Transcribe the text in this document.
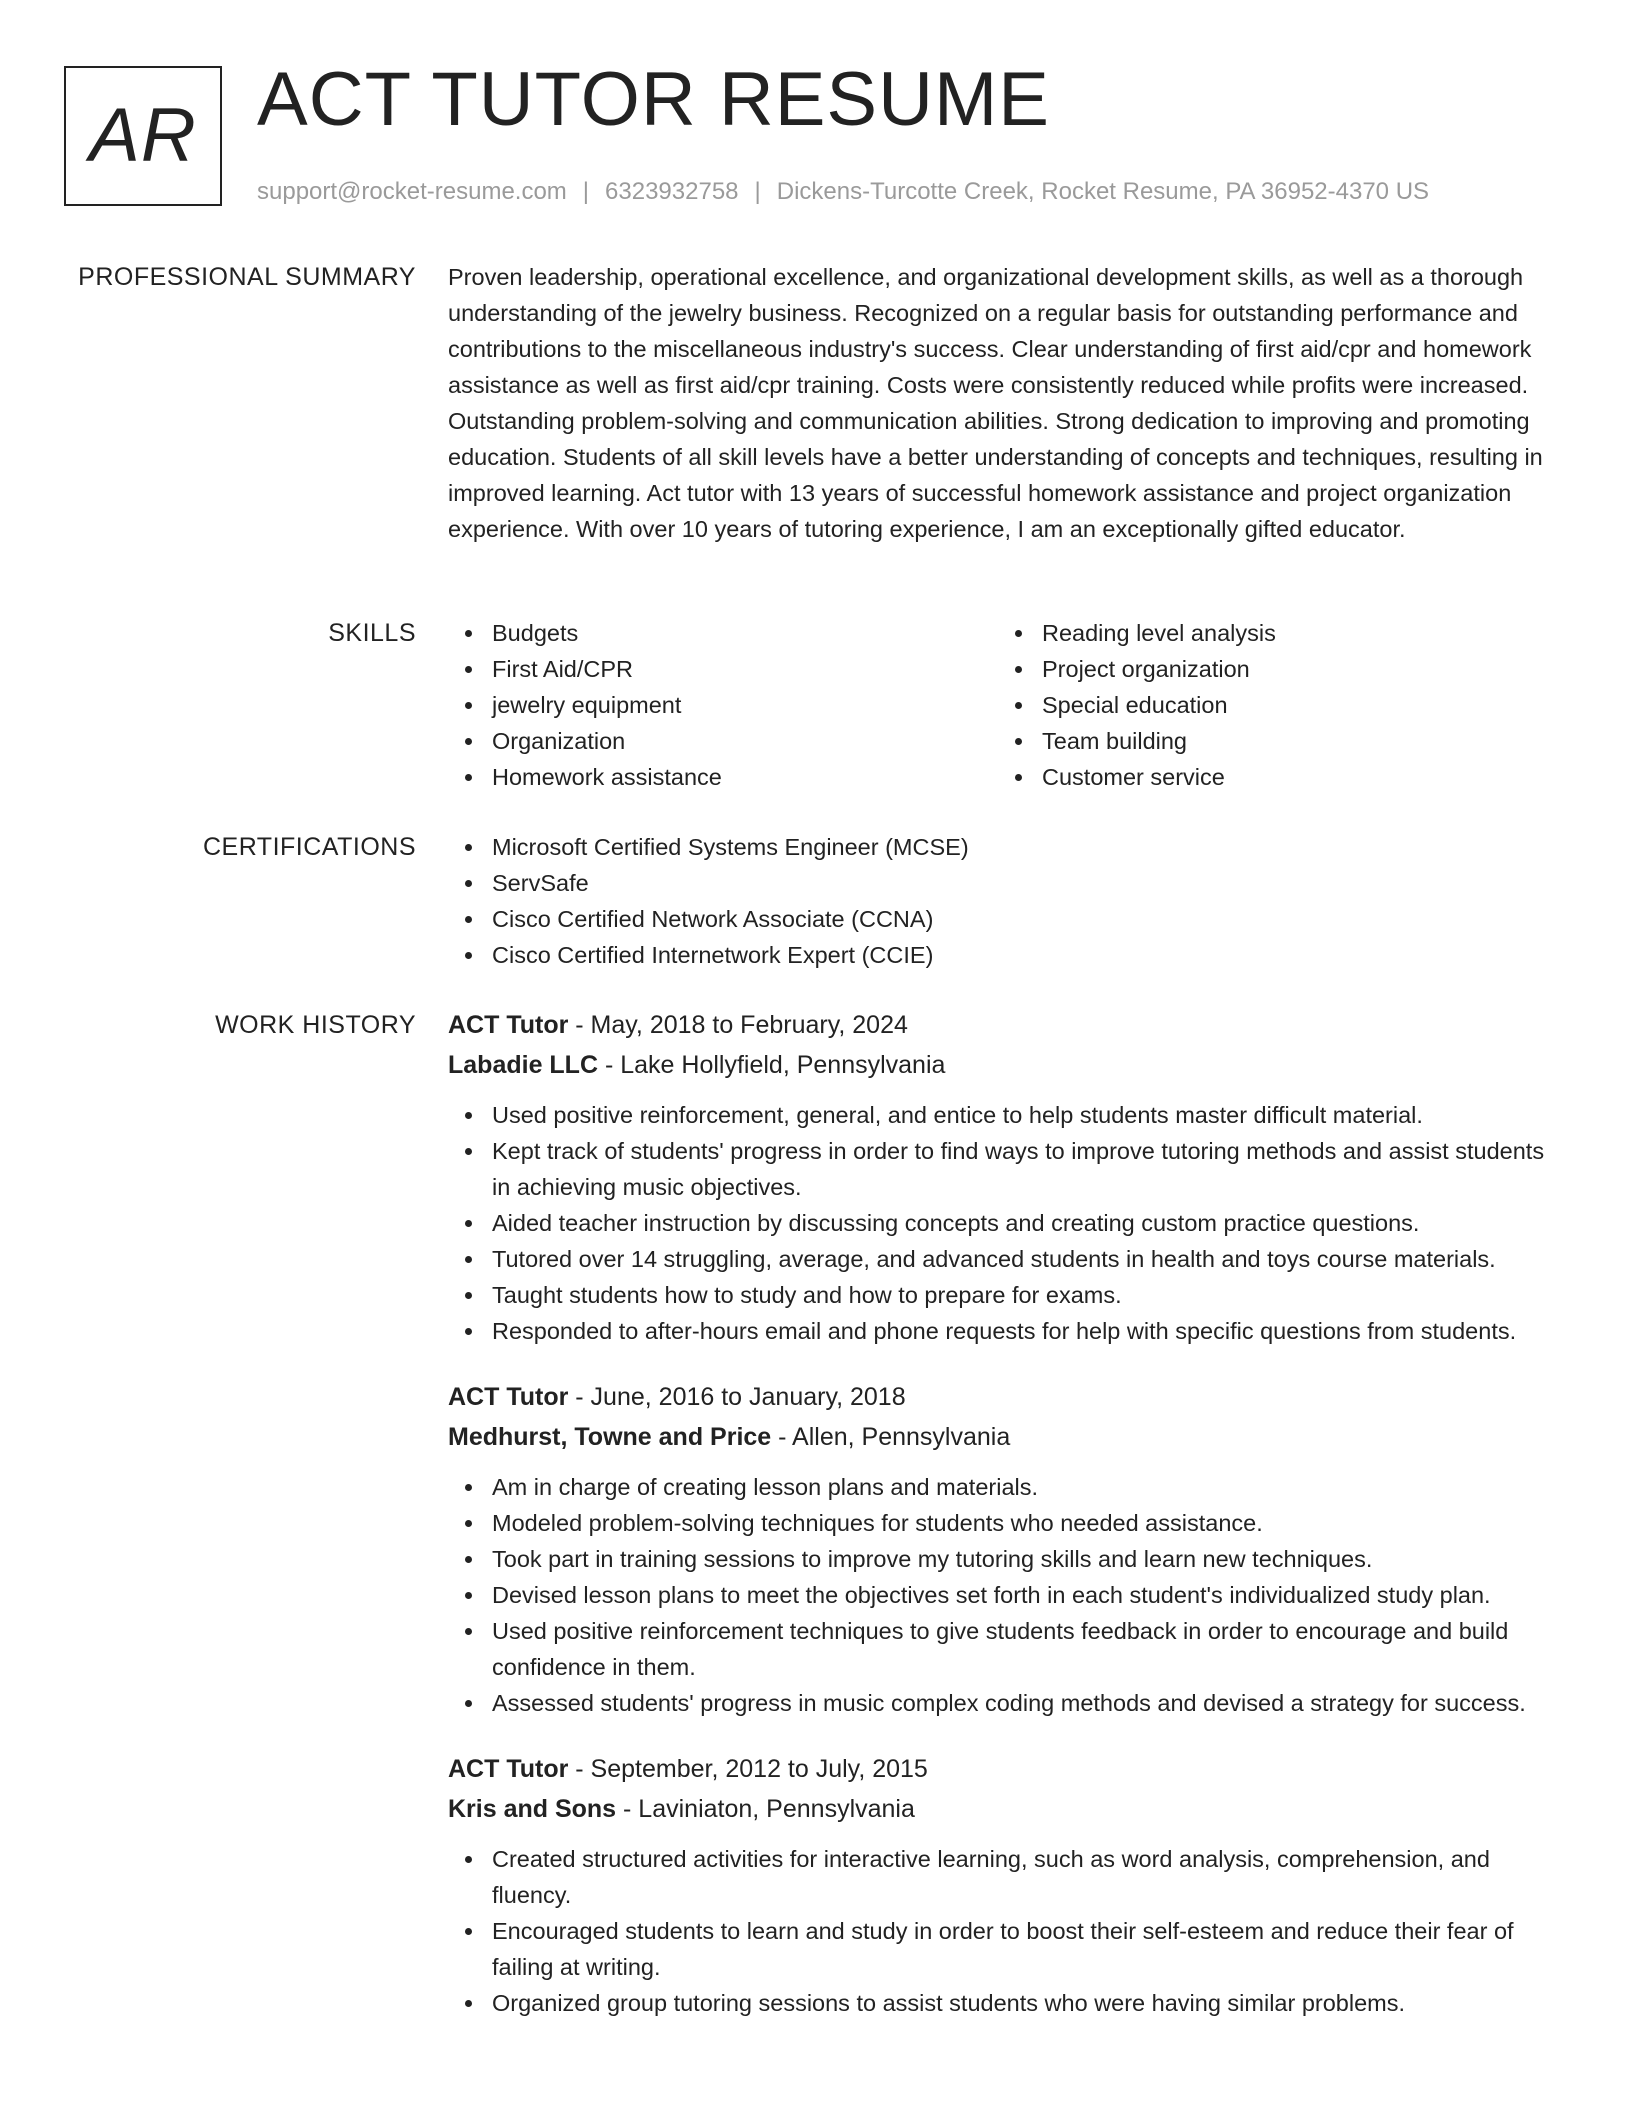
AR ACT TUTOR RESUME
support@rocket-resume.com | 6323932758 | Dickens-Turcotte Creek, Rocket Resume, PA 36952-4370 US
PROFESSIONAL SUMMARY Proven leadership, operational excellence, and organizational development skills, as well as a thorough understanding of the jewelry business. Recognized on a regular basis for outstanding performance and contributions to the miscellaneous industry's success. Clear understanding of first aid/cpr and homework assistance as well as first aid/cpr training. Costs were consistently reduced while profits were increased. Outstanding problem-solving and communication abilities. Strong dedication to improving and promoting education. Students of all skill levels have a better understanding of concepts and techniques, resulting in improved learning. Act tutor with 13 years of successful homework assistance and project organization experience. With over 10 years of tutoring experience, I am an exceptionally gifted educator.

SKILLS	Budgets
First Aid/CPR
jewelry equipment
Organization
Homework assistance
Reading level analysis
Project organization
Special education
Team building
Customer service
CERTIFICATIONS	Microsoft Certified Systems Engineer (MCSE)
ServSafe
Cisco Certified Network Associate (CCNA)
Cisco Certified Internetwork Expert (CCIE)
WORK HISTORY ACT Tutor - May, 2018 to February, 2024
Labadie LLC - Lake Hollyfield, Pennsylvania
Used positive reinforcement, general, and entice to help students master difficult material.
Kept track of students' progress in order to find ways to improve tutoring methods and assist students in achieving music objectives.
Aided teacher instruction by discussing concepts and creating custom practice questions.
Tutored over 14 struggling, average, and advanced students in health and toys course materials.
Taught students how to study and how to prepare for exams.
Responded to after-hours email and phone requests for help with specific questions from students.
ACT Tutor - June, 2016 to January, 2018
Medhurst, Towne and Price - Allen, Pennsylvania
Am in charge of creating lesson plans and materials.
Modeled problem-solving techniques for students who needed assistance.
Took part in training sessions to improve my tutoring skills and learn new techniques.
Devised lesson plans to meet the objectives set forth in each student's individualized study plan.
Used positive reinforcement techniques to give students feedback in order to encourage and build confidence in them.
Assessed students' progress in music complex coding methods and devised a strategy for success.
ACT Tutor - September, 2012 to July, 2015
Kris and Sons - Laviniaton, Pennsylvania
Created structured activities for interactive learning, such as word analysis, comprehension, and fluency.
Encouraged students to learn and study in order to boost their self-esteem and reduce their fear of failing at writing.
Organized group tutoring sessions to assist students who were having similar problems.
